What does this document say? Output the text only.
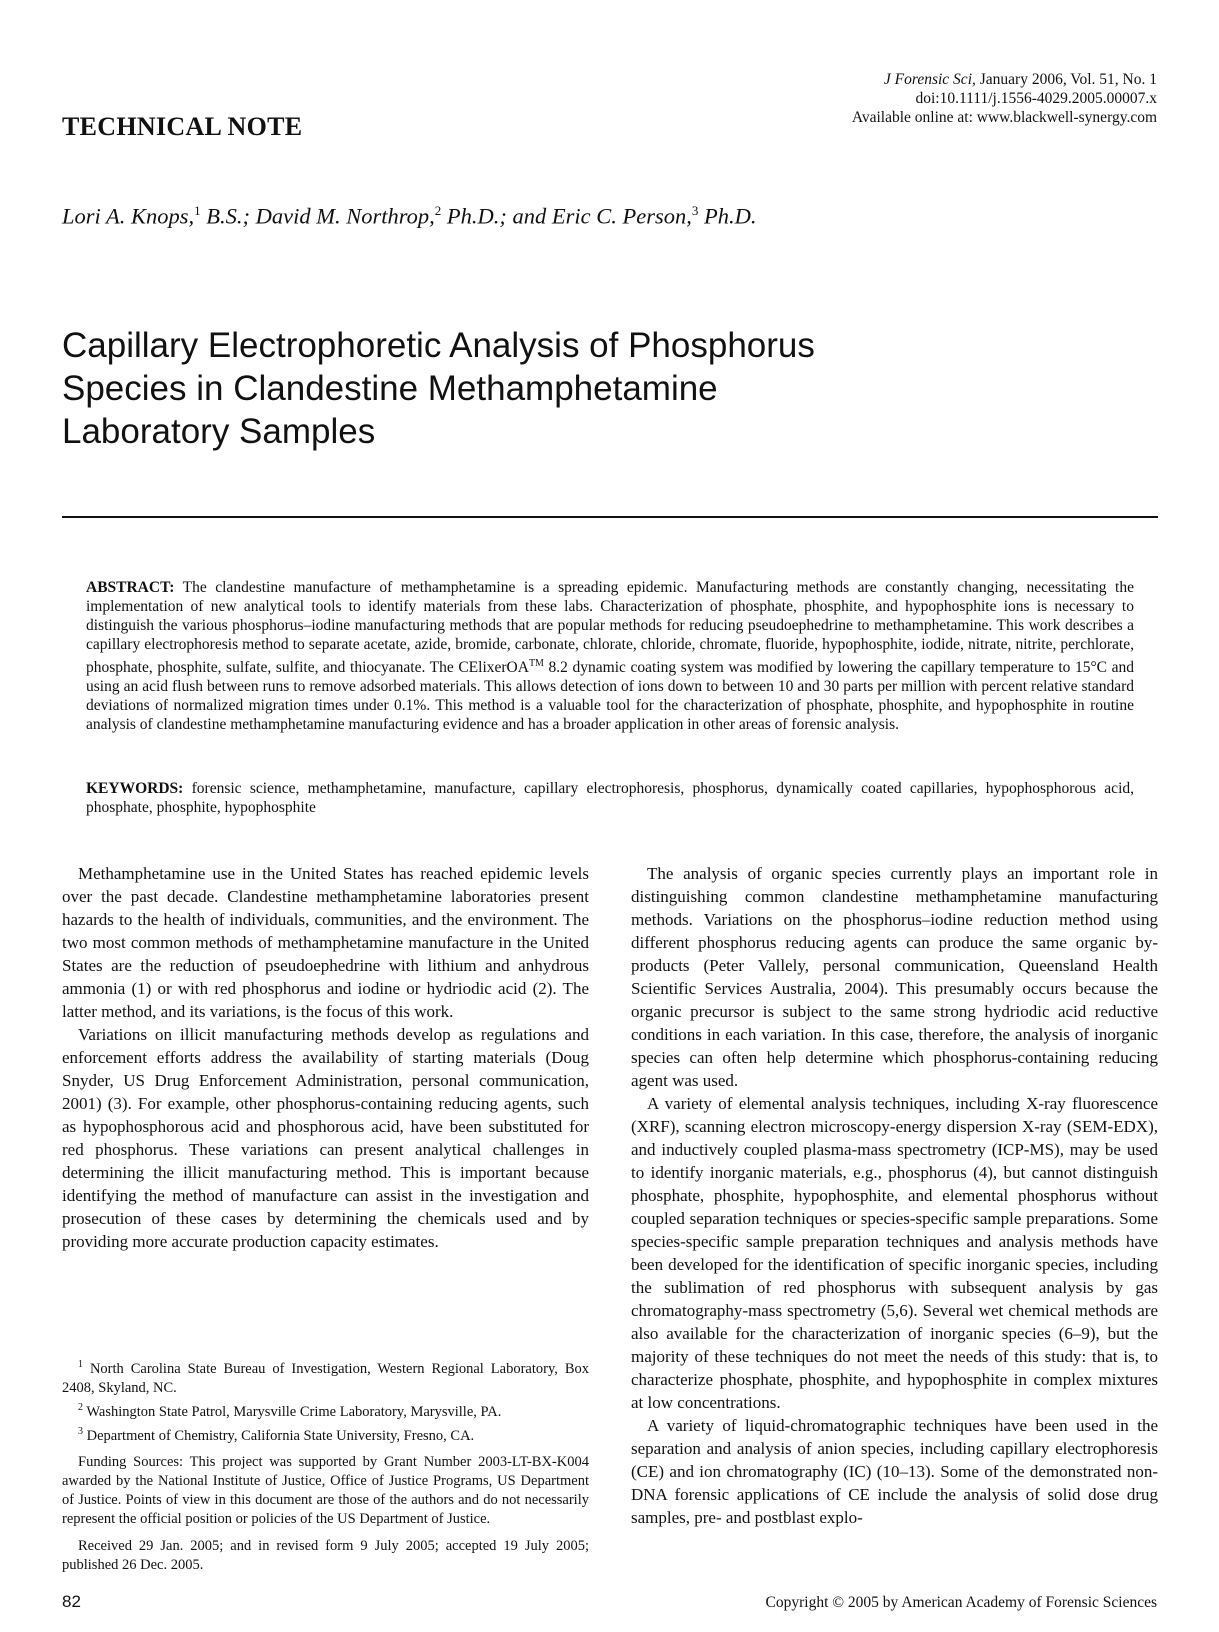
TECHNICAL NOTE
J Forensic Sci, January 2006, Vol. 51, No. 1
doi:10.1111/j.1556-4029.2005.00007.x
Available online at: www.blackwell-synergy.com
Lori A. Knops,$^1$ B.S.; David M. Northrop,$^2$ Ph.D.; and Eric C. Person,$^3$ Ph.D.
Capillary Electrophoretic Analysis of Phosphorus
Species in Clandestine Methamphetamine
Laboratory Samples
ABSTRACT: The clandestine manufacture of methamphetamine is a spreading epidemic. Manufacturing methods are constantly changing, necessitating the implementation of new analytical tools to identify materials from these labs. Characterization of phosphate, phosphite, and hypophosphite ions is necessary to distinguish the various phosphorus–iodine manufacturing methods that are popular methods for reducing pseudoephedrine to methamphetamine. This work describes a capillary electrophoresis method to separate acetate, azide, bromide, carbonate, chlorate, chloride, chromate, fluoride, hypophosphite, iodide, nitrate, nitrite, perchlorate, phosphate, phosphite, sulfate, sulfite, and thiocyanate. The CElixerOA™ 8.2 dynamic coating system was modified by lowering the capillary temperature to 15°C and using an acid flush between runs to remove adsorbed materials. This allows detection of ions down to between 10 and 30 parts per million with percent relative standard deviations of normalized migration times under 0.1%. This method is a valuable tool for the characterization of phosphate, phosphite, and hypophosphite in routine analysis of clandestine methamphetamine manufacturing evidence and has a broader application in other areas of forensic analysis.
KEYWORDS: forensic science, methamphetamine, manufacture, capillary electrophoresis, phosphorus, dynamically coated capillaries, hypophosphorous acid, phosphate, phosphite, hypophosphite

Methamphetamine use in the United States has reached epidemic levels over the past decade. Clandestine methamphetamine laboratories present hazards to the health of individuals, communities, and the environment. The two most common methods of methamphetamine manufacture in the United States are the reduction of pseudoephedrine with lithium and anhydrous ammonia (1) or with red phosphorus and iodine or hydriodic acid (2). The latter method, and its variations, is the focus of this work.

Variations on illicit manufacturing methods develop as regulations and enforcement efforts address the availability of starting materials (Doug Snyder, US Drug Enforcement Administration, personal communication, 2001) (3). For example, other phosphorus-containing reducing agents, such as hypophosphorous acid and phosphorous acid, have been substituted for red phosphorus. These variations can present analytical challenges in determining the illicit manufacturing method. This is important because identifying the method of manufacture can assist in the investigation and prosecution of these cases by determining the chemicals used and by providing more accurate production capacity estimates.

The analysis of organic species currently plays an important role in distinguishing common clandestine methamphetamine manufacturing methods. Variations on the phosphorus–iodine reduction method using different phosphorus reducing agents can produce the same organic by-products (Peter Vallely, personal communication, Queensland Health Scientific Services Australia, 2004). This presumably occurs because the organic precursor is subject to the same strong hydriodic acid reductive conditions in each variation. In this case, therefore, the analysis of inorganic species can often help determine which phosphorus-containing reducing agent was used.

A variety of elemental analysis techniques, including X-ray fluorescence (XRF), scanning electron microscopy-energy dispersion X-ray (SEM-EDX), and inductively coupled plasma-mass spectrometry (ICP-MS), may be used to identify inorganic materials, e.g., phosphorus (4), but cannot distinguish phosphate, phosphite, hypophosphite, and elemental phosphorus without coupled separation techniques or species-specific sample preparations. Some species-specific sample preparation techniques and analysis methods have been developed for the identification of specific inorganic species, including the sublimation of red phosphorus with subsequent analysis by gas chromatography-mass spectrometry (5,6). Several wet chemical methods are also available for the characterization of inorganic species (6–9), but the majority of these techniques do not meet the needs of this study: that is, to characterize phosphate, phosphite, and hypophosphite in complex mixtures at low concentrations.

A variety of liquid-chromatographic techniques have been used in the separation and analysis of anion species, including capillary electrophoresis (CE) and ion chromatography (IC) (10–13). Some of the demonstrated non-DNA forensic applications of CE include the analysis of solid dose drug samples, pre- and postblast explo-

$^1$ North Carolina State Bureau of Investigation, Western Regional Laboratory, Box 2408, Skyland, NC.

$^2$ Washington State Patrol, Marysville Crime Laboratory, Marysville, PA.

$^3$ Department of Chemistry, California State University, Fresno, CA.

Funding Sources: This project was supported by Grant Number 2003-LT-BX-K004 awarded by the National Institute of Justice, Office of Justice Programs, US Department of Justice. Points of view in this document are those of the authors and do not necessarily represent the official position or policies of the US Department of Justice.

Received 29 Jan. 2005; and in revised form 9 July 2005; accepted 19 July 2005; published 26 Dec. 2005.

82	Copyright © 2005 by American Academy of Forensic Sciences
